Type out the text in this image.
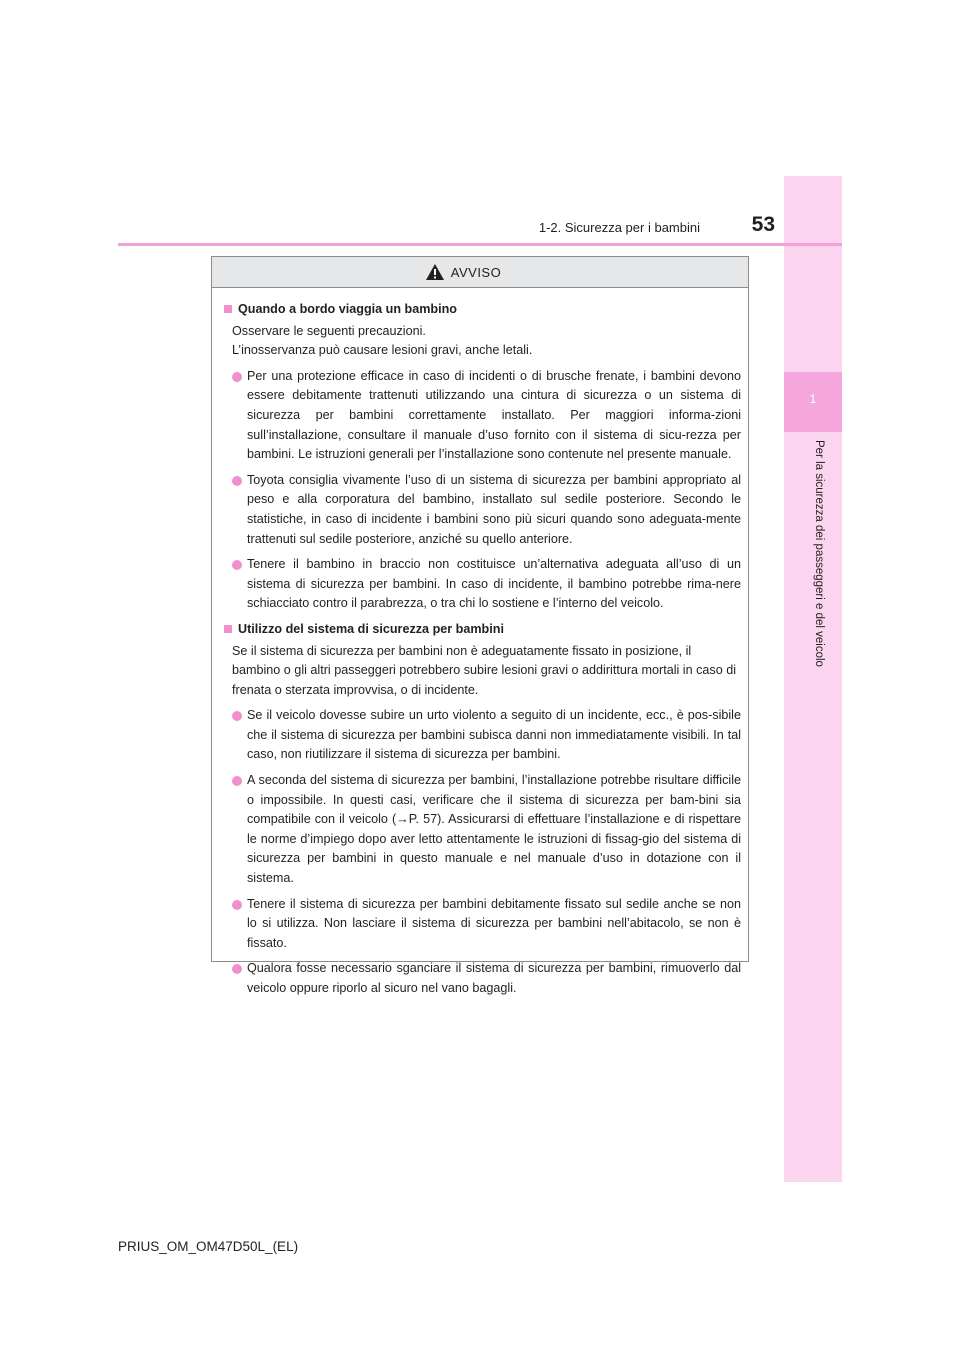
1
Per la sicurezza dei passeggeri e del veicolo
1-2. Sicurezza per i bambini	53
AVVISO
Quando a bordo viaggia un bambino
Osservare le seguenti precauzioni.
L’inosservanza può causare lesioni gravi, anche letali.
Per una protezione efficace in caso di incidenti o di brusche frenate, i bambini devono essere debitamente trattenuti utilizzando una cintura di sicurezza o un sistema di sicurezza per bambini correttamente installato. Per maggiori informa-zioni sull’installazione, consultare il manuale d’uso fornito con il sistema di sicu-rezza per bambini. Le istruzioni generali per l’installazione sono contenute nel presente manuale.
Toyota consiglia vivamente l’uso di un sistema di sicurezza per bambini appropriato al peso e alla corporatura del bambino, installato sul sedile posteriore. Secondo le statistiche, in caso di incidente i bambini sono più sicuri quando sono adeguata-mente trattenuti sul sedile posteriore, anziché su quello anteriore.
Tenere il bambino in braccio non costituisce un’alternativa adeguata all’uso di un sistema di sicurezza per bambini. In caso di incidente, il bambino potrebbe rima-nere schiacciato contro il parabrezza, o tra chi lo sostiene e l’interno del veicolo.
Utilizzo del sistema di sicurezza per bambini
Se il sistema di sicurezza per bambini non è adeguatamente fissato in posizione, il bambino o gli altri passeggeri potrebbero subire lesioni gravi o addirittura mortali in caso di frenata o sterzata improvvisa, o di incidente.
Se il veicolo dovesse subire un urto violento a seguito di un incidente, ecc., è pos-sibile che il sistema di sicurezza per bambini subisca danni non immediatamente visibili. In tal caso, non riutilizzare il sistema di sicurezza per bambini.
A seconda del sistema di sicurezza per bambini, l’installazione potrebbe risultare difficile o impossibile. In questi casi, verificare che il sistema di sicurezza per bam-bini sia compatibile con il veicolo (→P. 57). Assicurarsi di effettuare l’installazione e di rispettare le norme d’impiego dopo aver letto attentamente le istruzioni di fissag-gio del sistema di sicurezza per bambini in questo manuale e nel manuale d’uso in dotazione con il sistema.
Tenere il sistema di sicurezza per bambini debitamente fissato sul sedile anche se non lo si utilizza. Non lasciare il sistema di sicurezza per bambini nell’abitacolo, se non è fissato.
Qualora fosse necessario sganciare il sistema di sicurezza per bambini, rimuoverlo dal veicolo oppure riporlo al sicuro nel vano bagagli.
PRIUS_OM_OM47D50L_(EL)
